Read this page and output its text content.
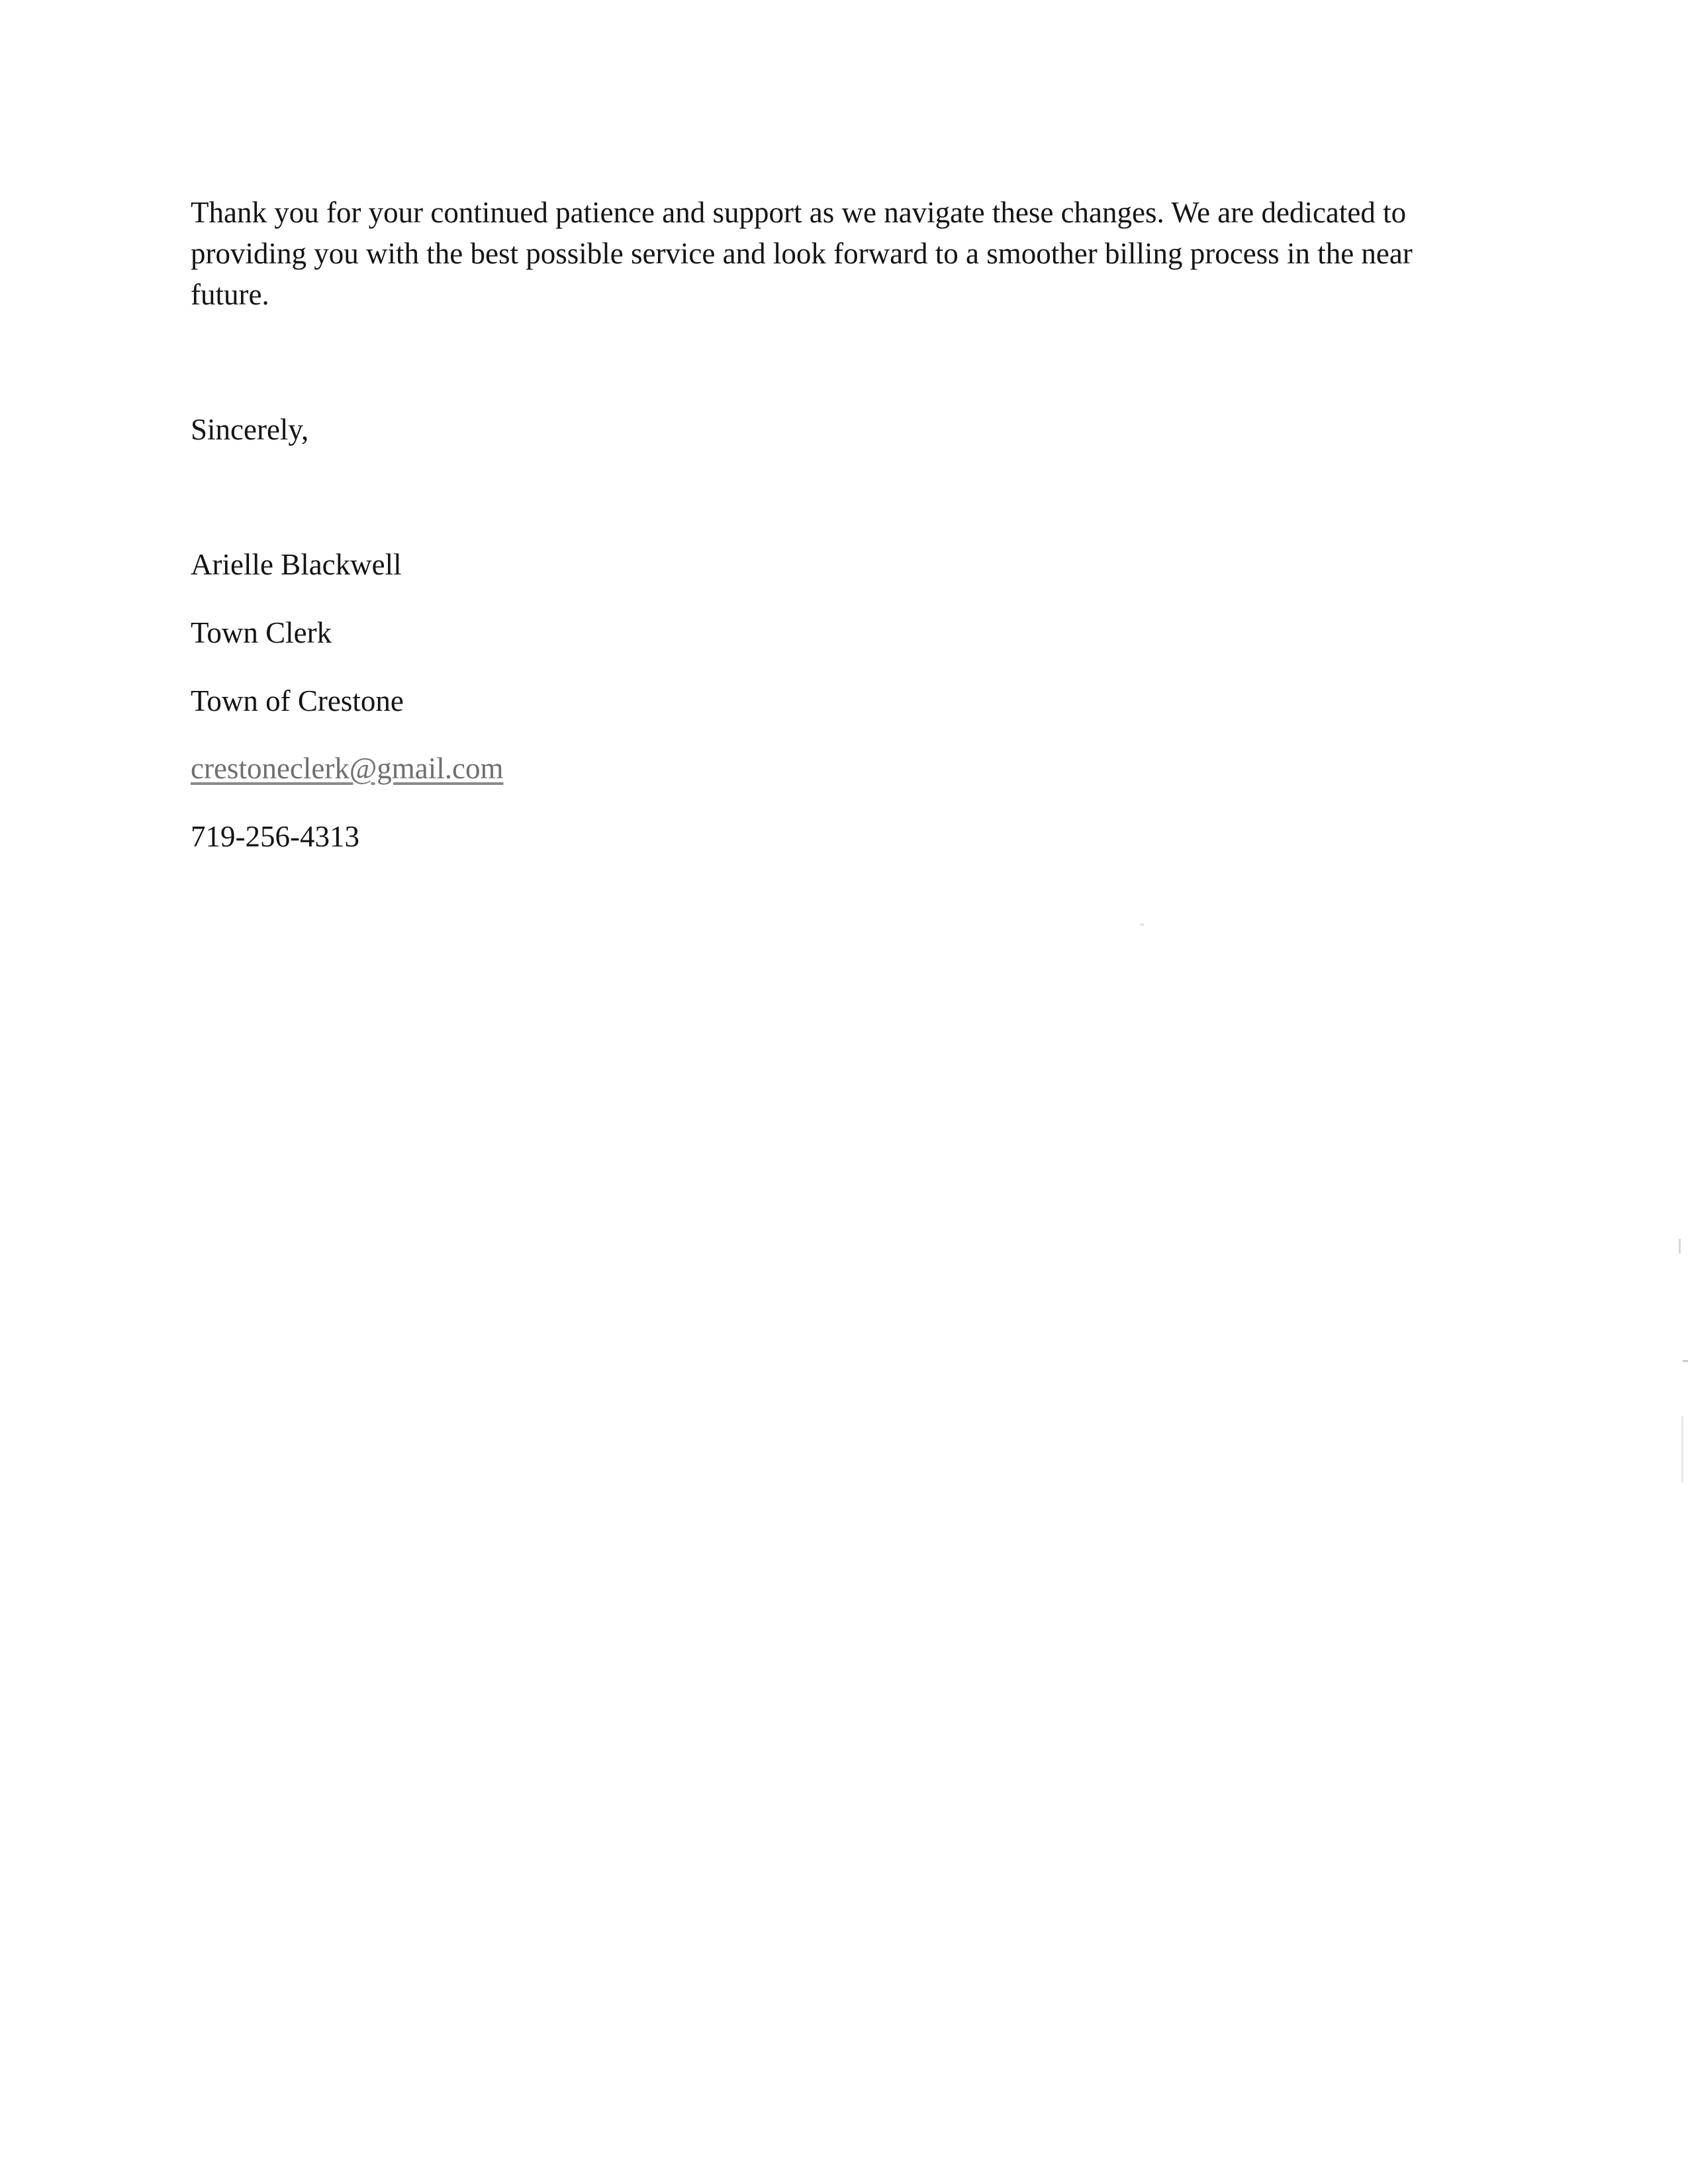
Thank you for your continued patience and support as we navigate these changes. We are dedicated to providing you with the best possible service and look forward to a smoother billing process in the near future.

Sincerely,

Arielle Blackwell

Town Clerk

Town of Crestone

crestoneclerk@gmail.com

719-256-4313
